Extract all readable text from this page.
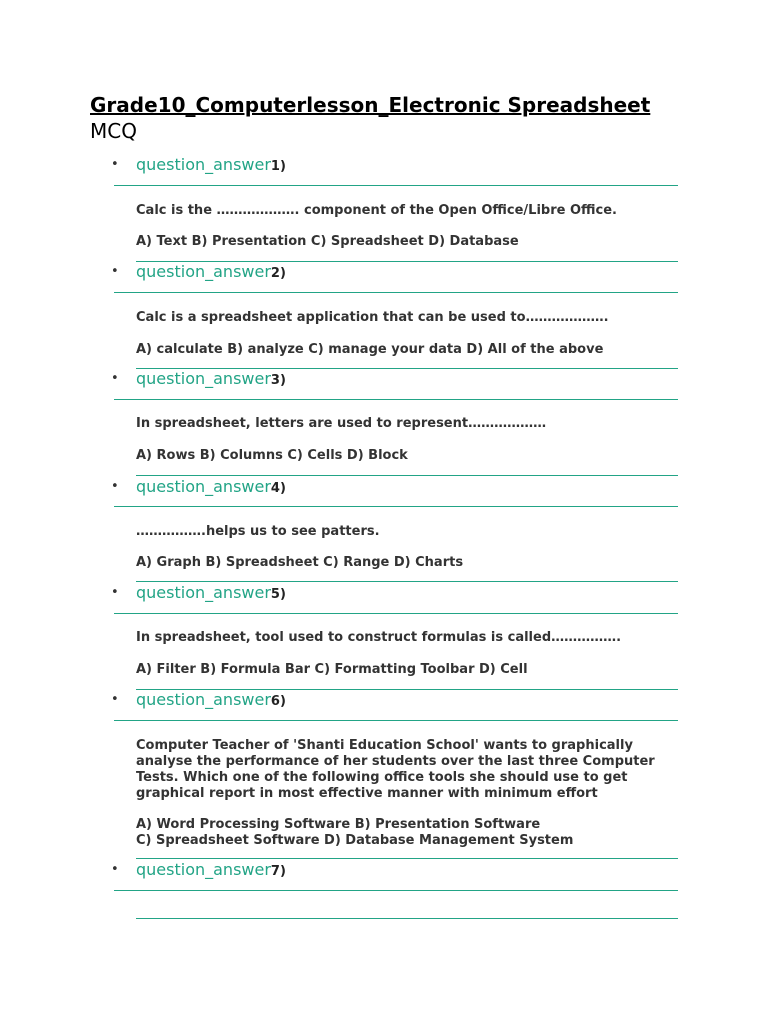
Grade10_Computerlesson_Electronic Spreadsheet
MCQ
• question_answer1)

Calc is the ………………. component of the Open Office/Libre Office.

A) Text B) Presentation C) Spreadsheet D) Database

• question_answer2)

Calc is a spreadsheet application that can be used to……………….

A) calculate B) analyze C) manage your data D) All of the above

• question_answer3)

In spreadsheet, letters are used to represent………………

A) Rows B) Columns C) Cells D) Block

• question_answer4)

…………….helps us to see patters.

A) Graph B) Spreadsheet C) Range D) Charts

• question_answer5)

In spreadsheet, tool used to construct formulas is called…………….

A) Filter B) Formula Bar C) Formatting Toolbar D) Cell

• question_answer6)

Computer Teacher of 'Shanti Education School' wants to graphically analyse the performance of her students over the last three Computer Tests. Which one of the following office tools she should use to get graphical report in most effective manner with minimum effort

A) Word Processing Software B) Presentation Software

C) Spreadsheet Software D) Database Management System

• question_answer7)
